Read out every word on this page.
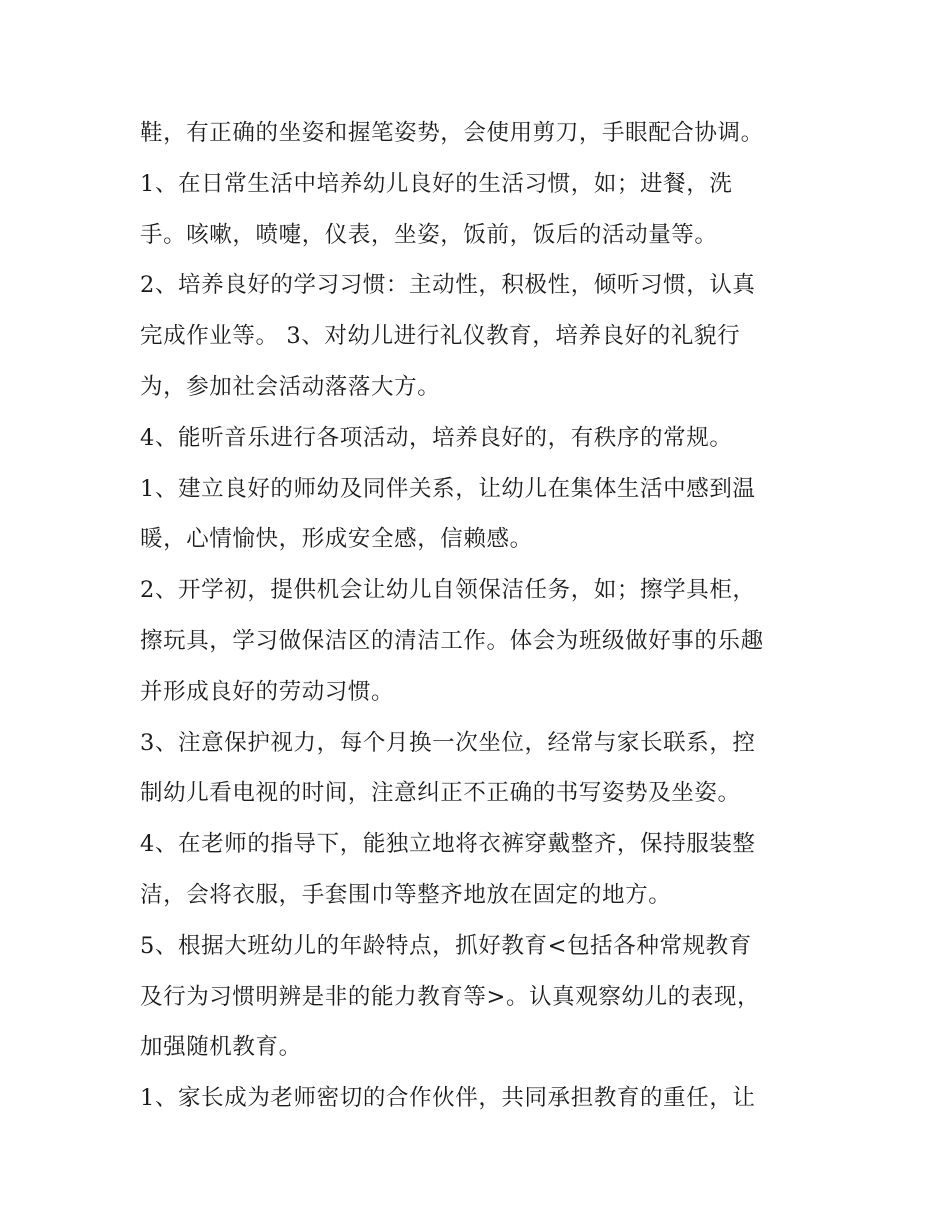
鞋，有正确的坐姿和握笔姿势，会使用剪刀，手眼配合协调。
1、在日常生活中培养幼儿良好的生活习惯，如；进餐，洗
手。咳嗽，喷嚏，仪表，坐姿，饭前，饭后的活动量等。
2、培养良好的学习习惯：主动性，积极性，倾听习惯，认真
完成作业等。 3、对幼儿进行礼仪教育，培养良好的礼貌行
为，参加社会活动落落大方。
4、能听音乐进行各项活动，培养良好的，有秩序的常规。
1、建立良好的师幼及同伴关系，让幼儿在集体生活中感到温
暖，心情愉快，形成安全感，信赖感。
2、开学初，提供机会让幼儿自领保洁任务，如；擦学具柜，
擦玩具，学习做保洁区的清洁工作。体会为班级做好事的乐趣
并形成良好的劳动习惯。
3、注意保护视力，每个月换一次坐位，经常与家长联系，控
制幼儿看电视的时间，注意纠正不正确的书写姿势及坐姿。
4、在老师的指导下，能独立地将衣裤穿戴整齐，保持服装整
洁，会将衣服，手套围巾等整齐地放在固定的地方。
5、根据大班幼儿的年龄特点，抓好教育<包括各种常规教育
及行为习惯明辨是非的能力教育等>。认真观察幼儿的表现，
加强随机教育。
1、家长成为老师密切的合作伙伴，共同承担教育的重任，让
